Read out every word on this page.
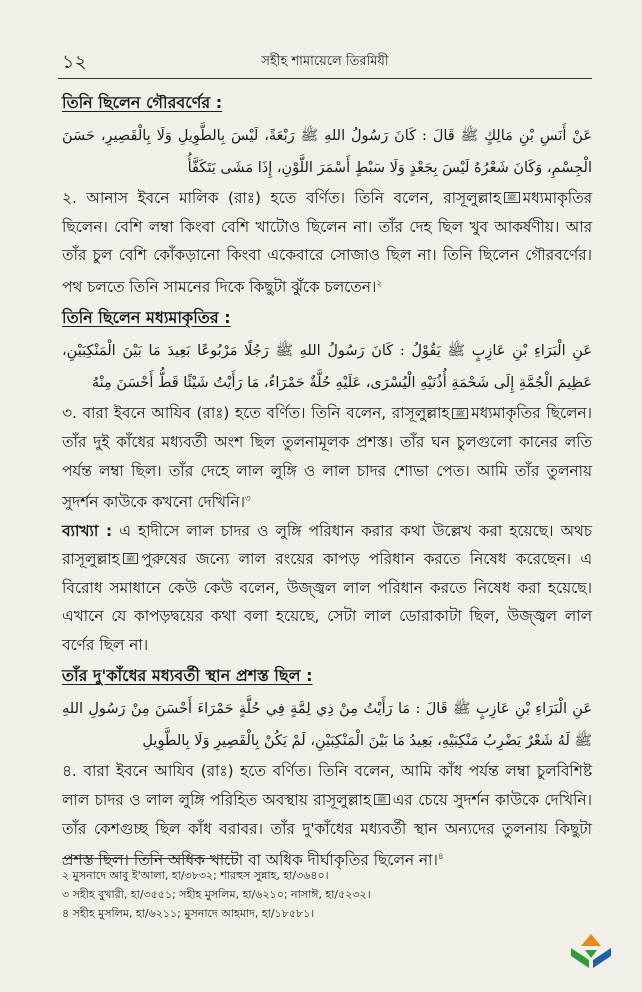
১২	সহীহ শামায়েলে তিরমিযী

তিনি ছিলেন গৌরবর্ণের :

عَنْ أَنَسِ بْنِ مَالِكٍ ﷺ قَالَ : كَانَ رَسُولُ اللهِ ﷺ رَبْعَةً، لَيْسَ بِالطَّوِيلِ وَلَا بِالْقَصِيرِ، حَسَنَ الْجِسْمِ، وَكَانَ شَعْرُهُ لَيْسَ بِجَعْدٍ وَلَا سَبْطٍ أَسْمَرَ اللَّوْنِ، إِذَا مَشَى يَتَكَفَّأُ

২. আনাস ইবনে মালিক (রাঃ) হতে বর্ণিত। তিনি বলেন, রাসূলুল্লাহ ﷺ মধ্যমাকৃতির ছিলেন। বেশি লম্বা কিংবা বেশি খাটোও ছিলেন না। তাঁর দেহ ছিল খুব আকর্ষণীয়। আর তাঁর চুল বেশি কোঁকড়ানো কিংবা একেবারে সোজাও ছিল না। তিনি ছিলেন গৌরবর্ণের। পথ চলতে তিনি সামনের দিকে কিছুটা ঝুঁকে চলতেন।$^২$

তিনি ছিলেন মধ্যমাকৃতির :

عَنِ الْبَرَاءِ بْنِ عَازِبٍ ﷺ يَقُوْلُ : كَانَ رَسُولُ اللهِ ﷺ رَجُلًا مَرْبُوعًا بَعِيدَ مَا بَيْنَ الْمَنْكِبَيْنِ، عَظِيمَ الْجُمَّةِ إِلَى شَحْمَةِ أُذُنَيْهِ الْيُسْرَى، عَلَيْهِ حُلَّةٌ حَمْرَاءُ، مَا رَأَيْتُ شَيْئًا قَطُّ أَحْسَنَ مِنْهُ

৩. বারা ইবনে আযিব (রাঃ) হতে বর্ণিত। তিনি বলেন, রাসূলুল্লাহ ﷺ মধ্যমাকৃতির ছিলেন। তাঁর দুই কাঁধের মধ্যবর্তী অংশ ছিল তুলনামূলক প্রশস্ত। তাঁর ঘন চুলগুলো কানের লতি পর্যন্ত লম্বা ছিল। তাঁর দেহে লাল লুঙ্গি ও লাল চাদর শোভা পেত। আমি তাঁর তুলনায় সুদর্শন কাউকে কখনো দেখিনি।$^৩$

ব্যাখ্যা : এ হাদীসে লাল চাদর ও লুঙ্গি পরিধান করার কথা উল্লেখ করা হয়েছে। অথচ রাসূলুল্লাহ ﷺ পুরুষের জন্যে লাল রংয়ের কাপড় পরিধান করতে নিষেধ করেছেন। এ বিরোধ সমাধানে কেউ কেউ বলেন, উজ্জ্বল লাল পরিধান করতে নিষেধ করা হয়েছে। এখানে যে কাপড়দ্বয়ের কথা বলা হয়েছে, সেটা লাল ডোরাকাটা ছিল, উজ্জ্বল লাল বর্ণের ছিল না।

তাঁর দু'কাঁধের মধ্যবর্তী স্থান প্রশস্ত ছিল :

عَنِ الْبَرَاءِ بْنِ عَازِبٍ ﷺ قَالَ : مَا رَأَيْتُ مِنْ ذِي لِمَّةٍ فِي حُلَّةٍ حَمْرَاءَ أَحْسَنَ مِنْ رَسُولِ اللهِ ﷺ لَهُ شَعْرٌ يَضْرِبُ مَنْكِبَيْهِ، بَعِيدُ مَا بَيْنَ الْمَنْكِبَيْنِ، لَمْ يَكُنْ بِالْقَصِيرِ وَلَا بِالطَّوِيلِ

৪. বারা ইবনে আযিব (রাঃ) হতে বর্ণিত। তিনি বলেন, আমি কাঁধ পর্যন্ত লম্বা চুলবিশিষ্ট লাল চাদর ও লাল লুঙ্গি পরিহিত অবস্থায় রাসূলুল্লাহ ﷺ এর চেয়ে সুদর্শন কাউকে দেখিনি। তাঁর কেশগুচ্ছ ছিল কাঁধ বরাবর। তাঁর দু'কাঁধের মধ্যবর্তী স্থান অন্যদের তুলনায় কিছুটা প্রশস্ত ছিল। তিনি অধিক খাটো বা অধিক দীর্ঘাকৃতির ছিলেন না।$^৪$

২ মুসনাদে আবু ই'আলা, হা/৩৮৩২; শারহুস সুন্নাহ, হা/৩৬৪০।

৩ সহীহ বুখারী, হা/৩৫৫১; সহীহ মুসলিম, হা/৬২১০; নাসাঈ, হা/৫২৩২।

৪ সহীহ মুসলিম, হা/৬২১১; মুসনাদে আহমাদ, হা/১৮৫৮১।
